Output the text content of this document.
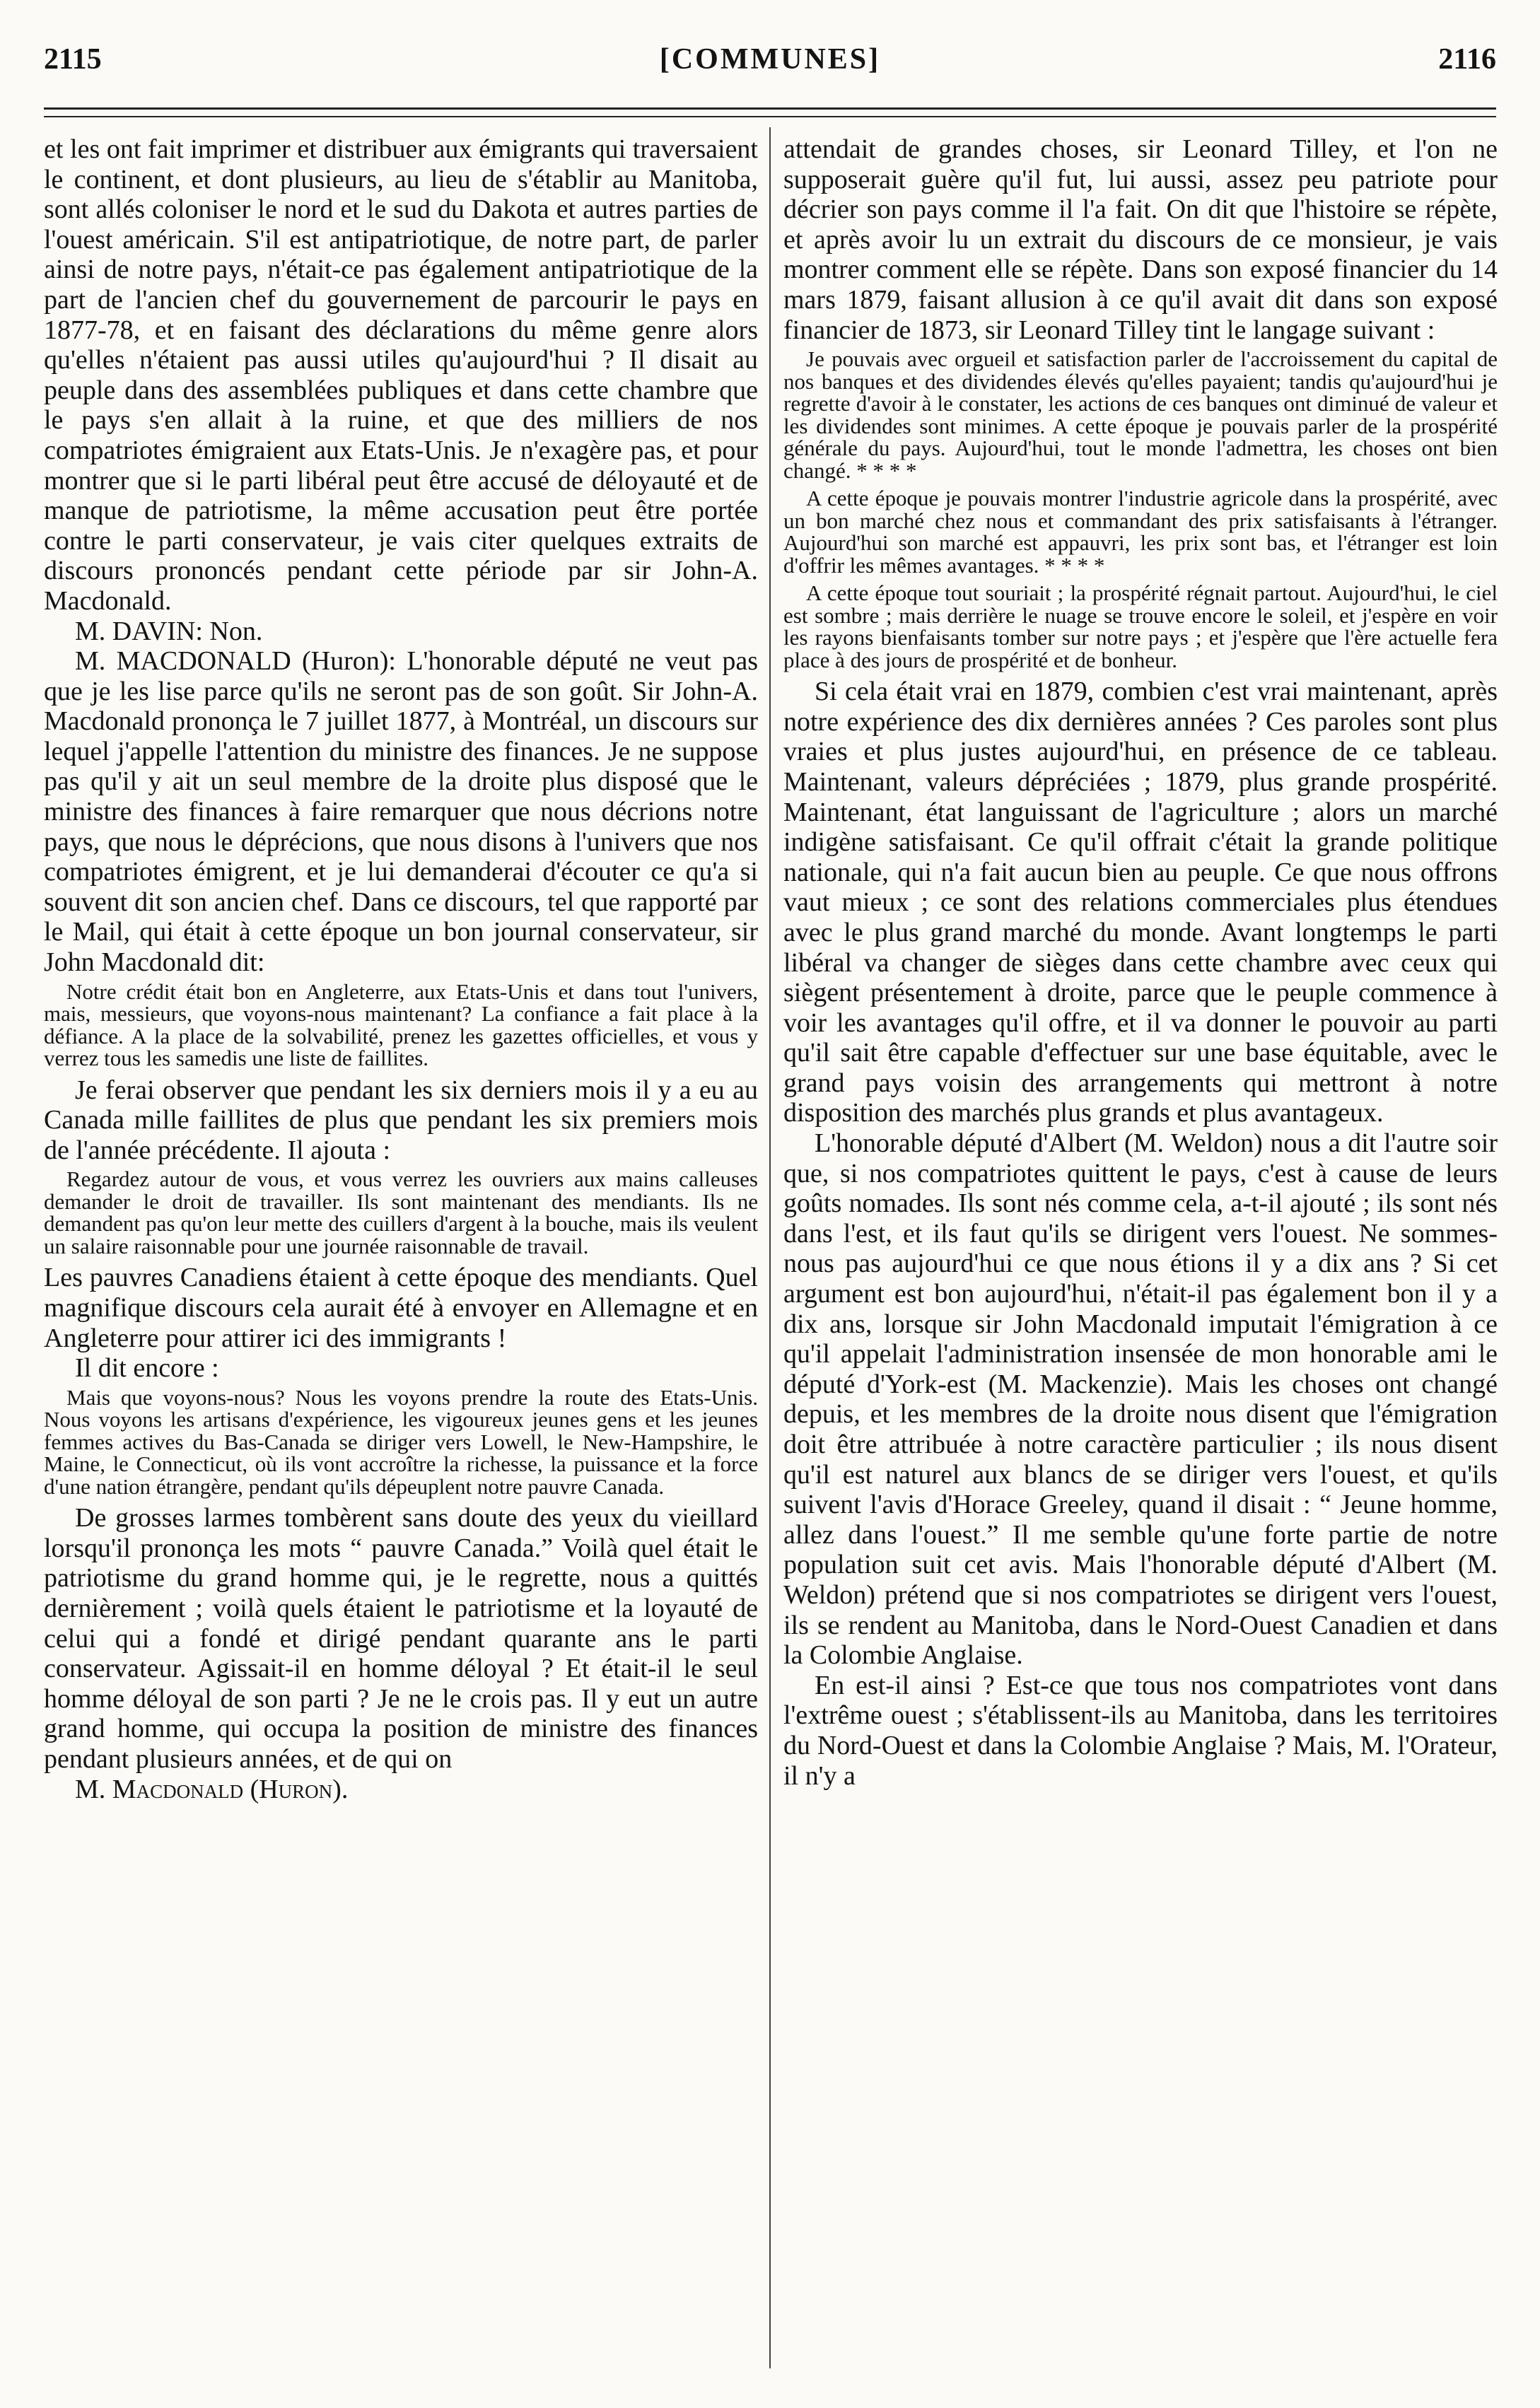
2115	[COMMUNES]	2116

et les ont fait imprimer et distribuer aux émigrants qui traversaient le continent, et dont plusieurs, au lieu de s'établir au Manitoba, sont allés coloniser le nord et le sud du Dakota et autres parties de l'ouest américain. S'il est antipatriotique, de notre part, de parler ainsi de notre pays, n'était-ce pas également antipatriotique de la part de l'ancien chef du gouvernement de parcourir le pays en 1877-78, et en faisant des déclarations du même genre alors qu'elles n'étaient pas aussi utiles qu'aujourd'hui ? Il disait au peuple dans des assemblées publiques et dans cette chambre que le pays s'en allait à la ruine, et que des milliers de nos compatriotes émigraient aux Etats-Unis. Je n'exagère pas, et pour montrer que si le parti libéral peut être accusé de déloyauté et de manque de patriotisme, la même accusation peut être portée contre le parti conservateur, je vais citer quelques extraits de discours prononcés pendant cette période par sir John-A. Macdonald.

M. DAVIN: Non.

M. MACDONALD (Huron): L'honorable député ne veut pas que je les lise parce qu'ils ne seront pas de son goût. Sir John-A. Macdonald prononça le 7 juillet 1877, à Montréal, un discours sur lequel j'appelle l'attention du ministre des finances. Je ne suppose pas qu'il y ait un seul membre de la droite plus disposé que le ministre des finances à faire remarquer que nous décrions notre pays, que nous le déprécions, que nous disons à l'univers que nos compatriotes émigrent, et je lui demanderai d'écouter ce qu'a si souvent dit son ancien chef. Dans ce discours, tel que rapporté par le Mail, qui était à cette époque un bon journal conservateur, sir John Macdonald dit:

Notre crédit était bon en Angleterre, aux Etats-Unis et dans tout l'univers, mais, messieurs, que voyons-nous maintenant? La confiance a fait place à la défiance. A la place de la solvabilité, prenez les gazettes officielles, et vous y verrez tous les samedis une liste de faillites.

Je ferai observer que pendant les six derniers mois il y a eu au Canada mille faillites de plus que pendant les six premiers mois de l'année précédente. Il ajouta :

Regardez autour de vous, et vous verrez les ouvriers aux mains calleuses demander le droit de travailler. Ils sont maintenant des mendiants. Ils ne demandent pas qu'on leur mette des cuillers d'argent à la bouche, mais ils veulent un salaire raisonnable pour une journée raisonnable de travail.

Les pauvres Canadiens étaient à cette époque des mendiants. Quel magnifique discours cela aurait été à envoyer en Allemagne et en Angleterre pour attirer ici des immigrants !

Il dit encore :

Mais que voyons-nous? Nous les voyons prendre la route des Etats-Unis. Nous voyons les artisans d'expérience, les vigoureux jeunes gens et les jeunes femmes actives du Bas-Canada se diriger vers Lowell, le New-Hampshire, le Maine, le Connecticut, où ils vont accroître la richesse, la puissance et la force d'une nation étrangère, pendant qu'ils dépeuplent notre pauvre Canada.

De grosses larmes tombèrent sans doute des yeux du vieillard lorsqu'il prononça les mots “ pauvre Canada.” Voilà quel était le patriotisme du grand homme qui, je le regrette, nous a quittés dernièrement ; voilà quels étaient le patriotisme et la loyauté de celui qui a fondé et dirigé pendant quarante ans le parti conservateur. Agissait-il en homme déloyal ? Et était-il le seul homme déloyal de son parti ? Je ne le crois pas. Il y eut un autre grand homme, qui occupa la position de ministre des finances pendant plusieurs années, et de qui on

M. Macdonald (Huron).

attendait de grandes choses, sir Leonard Tilley, et l'on ne supposerait guère qu'il fut, lui aussi, assez peu patriote pour décrier son pays comme il l'a fait. On dit que l'histoire se répète, et après avoir lu un extrait du discours de ce monsieur, je vais montrer comment elle se répète. Dans son exposé financier du 14 mars 1879, faisant allusion à ce qu'il avait dit dans son exposé financier de 1873, sir Leonard Tilley tint le langage suivant :

Je pouvais avec orgueil et satisfaction parler de l'accroissement du capital de nos banques et des dividendes élevés qu'elles payaient; tandis qu'aujourd'hui je regrette d'avoir à le constater, les actions de ces banques ont diminué de valeur et les dividendes sont minimes. A cette époque je pouvais parler de la prospérité générale du pays. Aujourd'hui, tout le monde l'admettra, les choses ont bien changé. * * * *

A cette époque je pouvais montrer l'industrie agricole dans la prospérité, avec un bon marché chez nous et commandant des prix satisfaisants à l'étranger. Aujourd'hui son marché est appauvri, les prix sont bas, et l'étranger est loin d'offrir les mêmes avantages. * * * *

A cette époque tout souriait ; la prospérité régnait partout. Aujourd'hui, le ciel est sombre ; mais derrière le nuage se trouve encore le soleil, et j'espère en voir les rayons bienfaisants tomber sur notre pays ; et j'espère que l'ère actuelle fera place à des jours de prospérité et de bonheur.

Si cela était vrai en 1879, combien c'est vrai maintenant, après notre expérience des dix dernières années ? Ces paroles sont plus vraies et plus justes aujourd'hui, en présence de ce tableau. Maintenant, valeurs dépréciées ; 1879, plus grande prospérité. Maintenant, état languissant de l'agriculture ; alors un marché indigène satisfaisant. Ce qu'il offrait c'était la grande politique nationale, qui n'a fait aucun bien au peuple. Ce que nous offrons vaut mieux ; ce sont des relations commerciales plus étendues avec le plus grand marché du monde. Avant longtemps le parti libéral va changer de sièges dans cette chambre avec ceux qui siègent présentement à droite, parce que le peuple commence à voir les avantages qu'il offre, et il va donner le pouvoir au parti qu'il sait être capable d'effectuer sur une base équitable, avec le grand pays voisin des arrangements qui mettront à notre disposition des marchés plus grands et plus avantageux.

L'honorable député d'Albert (M. Weldon) nous a dit l'autre soir que, si nos compatriotes quittent le pays, c'est à cause de leurs goûts nomades. Ils sont nés comme cela, a-t-il ajouté ; ils sont nés dans l'est, et ils faut qu'ils se dirigent vers l'ouest. Ne sommes-nous pas aujourd'hui ce que nous étions il y a dix ans ? Si cet argument est bon aujourd'hui, n'était-il pas également bon il y a dix ans, lorsque sir John Macdonald imputait l'émigration à ce qu'il appelait l'administration insensée de mon honorable ami le député d'York-est (M. Mackenzie). Mais les choses ont changé depuis, et les membres de la droite nous disent que l'émigration doit être attribuée à notre caractère particulier ; ils nous disent qu'il est naturel aux blancs de se diriger vers l'ouest, et qu'ils suivent l'avis d'Horace Greeley, quand il disait : “ Jeune homme, allez dans l'ouest.” Il me semble qu'une forte partie de notre population suit cet avis. Mais l'honorable député d'Albert (M. Weldon) prétend que si nos compatriotes se dirigent vers l'ouest, ils se rendent au Manitoba, dans le Nord-Ouest Canadien et dans la Colombie Anglaise.

En est-il ainsi ? Est-ce que tous nos compatriotes vont dans l'extrême ouest ; s'établissent-ils au Manitoba, dans les territoires du Nord-Ouest et dans la Colombie Anglaise ? Mais, M. l'Orateur, il n'y a
